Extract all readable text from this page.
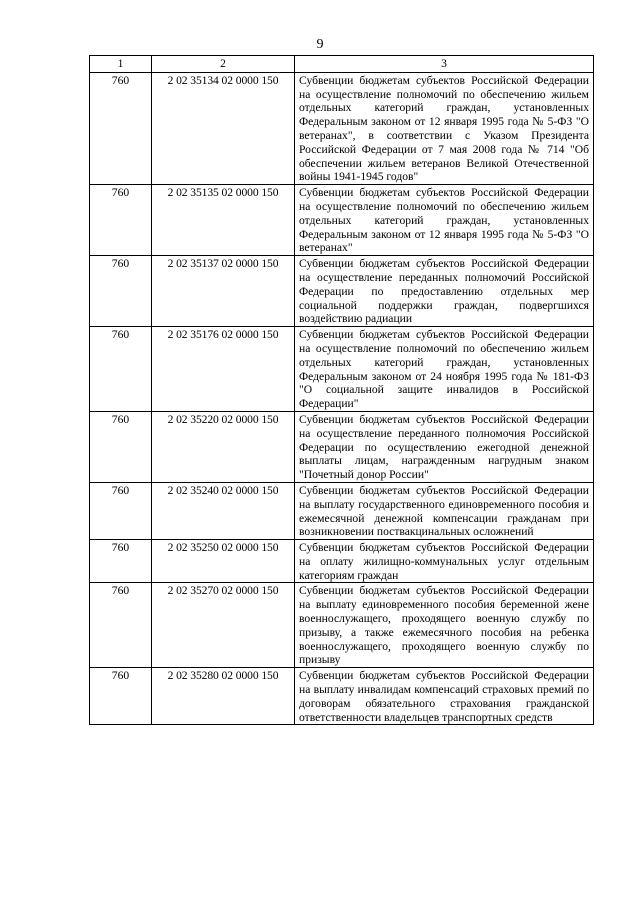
9
1	2	3
760	2 02 35134 02 0000 150	Субвенции бюджетам субъектов Российской Федерации на осуществление полномочий по обеспечению жильем отдельных категорий граждан, установленных Федеральным законом от 12 января 1995 года № 5-ФЗ "О ветеранах", в соответствии с Указом Президента Российской Федерации от 7 мая 2008 года № 714 "Об обеспечении жильем ветеранов Великой Отечественной войны 1941-1945 годов"
760	2 02 35135 02 0000 150	Субвенции бюджетам субъектов Российской Федерации на осуществление полномочий по обеспечению жильем отдельных категорий граждан, установленных Федеральным законом от 12 января 1995 года № 5-ФЗ "О ветеранах"
760	2 02 35137 02 0000 150	Субвенции бюджетам субъектов Российской Федерации на осуществление переданных полномочий Российской Федерации по предоставлению отдельных мер социальной поддержки граждан, подвергшихся воздействию радиации
760	2 02 35176 02 0000 150	Субвенции бюджетам субъектов Российской Федерации на осуществление полномочий по обеспечению жильем отдельных категорий граждан, установленных Федеральным законом от 24 ноября 1995 года № 181-ФЗ "О социальной защите инвалидов в Российской Федерации"
760	2 02 35220 02 0000 150	Субвенции бюджетам субъектов Российской Федерации на осуществление переданного полномочия Российской Федерации по осуществлению ежегодной денежной выплаты лицам, награжденным нагрудным знаком "Почетный донор России"
760	2 02 35240 02 0000 150	Субвенции бюджетам субъектов Российской Федерации на выплату государственного единовременного пособия и ежемесячной денежной компенсации гражданам при возникновении поствакцинальных осложнений
760	2 02 35250 02 0000 150	Субвенции бюджетам субъектов Российской Федерации на оплату жилищно-коммунальных услуг отдельным категориям граждан
760	2 02 35270 02 0000 150	Субвенции бюджетам субъектов Российской Федерации на выплату единовременного пособия беременной жене военнослужащего, проходящего военную службу по призыву, а также ежемесячного пособия на ребенка военнослужащего, проходящего военную службу по призыву
760	2 02 35280 02 0000 150	Субвенции бюджетам субъектов Российской Федерации на выплату инвалидам компенсаций страховых премий по договорам обязательного страхования гражданской ответственности владельцев транспортных средств
